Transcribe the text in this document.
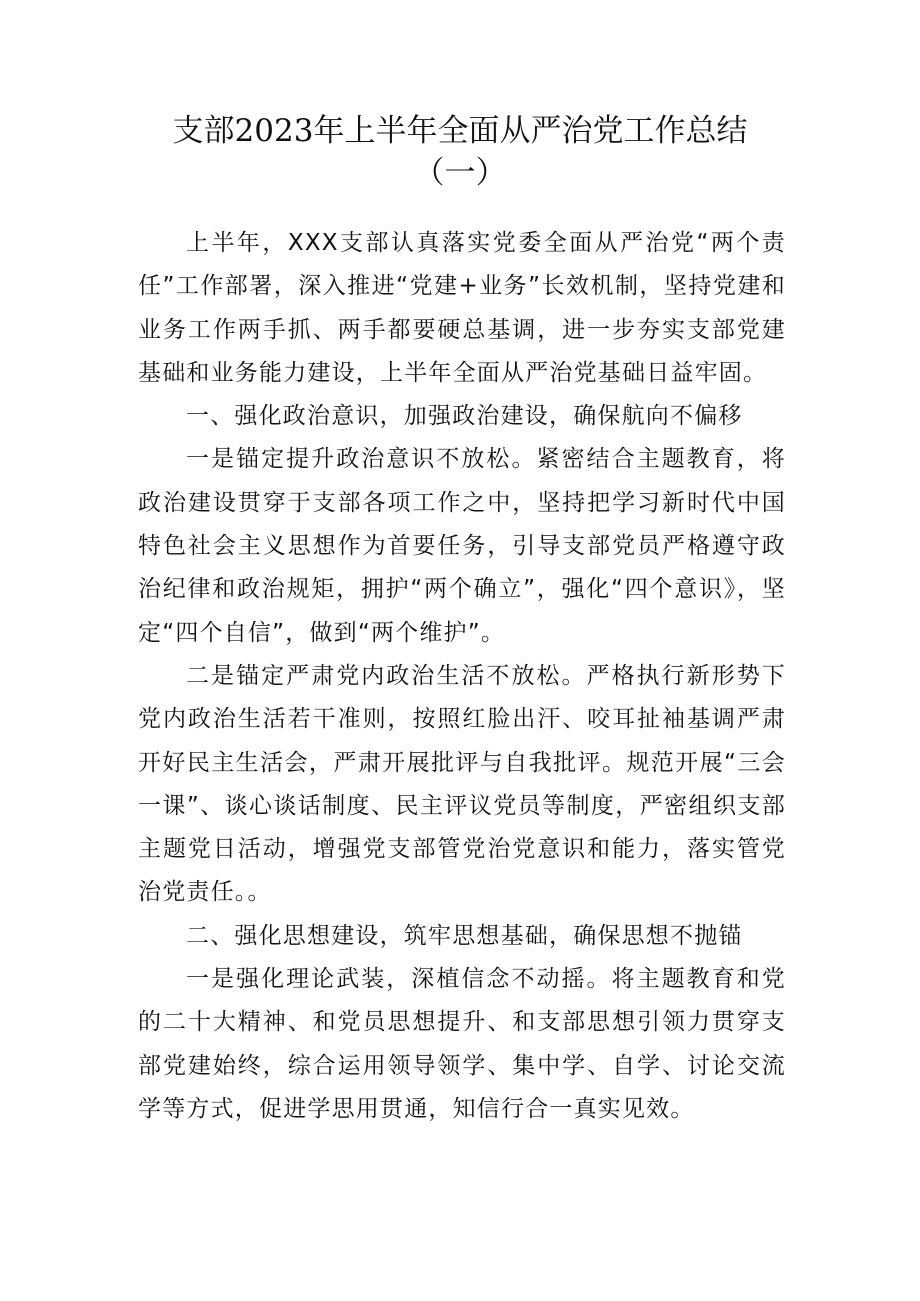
支部2023年上半年全面从严治党工作总结
（一）

上半年，XXX支部认真落实党委全面从严治党“两个责任”工作部署，深入推进“党建+业务”长效机制，坚持党建和业务工作两手抓、两手都要硬总基调，进一步夯实支部党建基础和业务能力建设，上半年全面从严治党基础日益牢固。

一、强化政治意识，加强政治建设，确保航向不偏移

一是锚定提升政治意识不放松。紧密结合主题教育，将政治建设贯穿于支部各项工作之中，坚持把学习新时代中国特色社会主义思想作为首要任务，引导支部党员严格遵守政治纪律和政治规矩，拥护“两个确立”，强化“四个意识》，坚定“四个自信”，做到“两个维护”。

二是锚定严肃党内政治生活不放松。严格执行新形势下党内政治生活若干准则，按照红脸出汗、咬耳扯袖基调严肃开好民主生活会，严肃开展批评与自我批评。规范开展“三会一课”、谈心谈话制度、民主评议党员等制度，严密组织支部主题党日活动，增强党支部管党治党意识和能力，落实管党治党责任。。

二、强化思想建设，筑牢思想基础，确保思想不抛锚

一是强化理论武装，深植信念不动摇。将主题教育和党的二十大精神、和党员思想提升、和支部思想引领力贯穿支部党建始终，综合运用领导领学、集中学、自学、讨论交流学等方式，促进学思用贯通，知信行合一真实见效。
